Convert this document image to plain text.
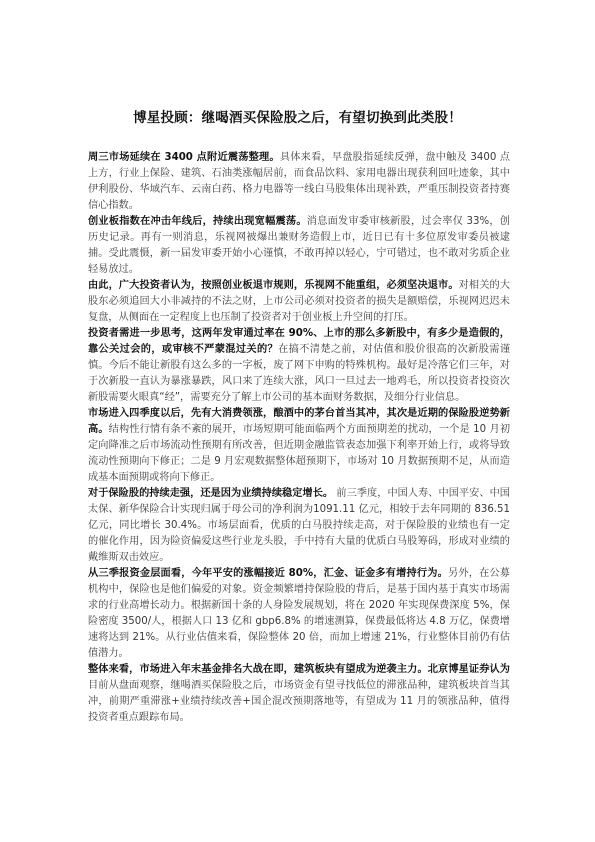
博星投顾：继喝酒买保险股之后，有望切换到此类股！

周三市场延续在 3400 点附近震荡整理。具体来看，早盘股指延续反弹，盘中触及 3400 点上方，行业上保险、建筑、石油类涨幅居前，而食品饮料、家用电器出现获利回吐迹象，其中伊利股份、华域汽车、云南白药、格力电器等一线白马股集体出现补跌，严重压制投资者持赛信心指数。

创业板指数在冲击年线后，持续出现宽幅震荡。消息面发审委审核新股，过会率仅 33%，创历史记录。再有一则消息，乐视网被爆出兼财务造假上市，近日已有十多位原发审委员被逮捕。受此震慑，新一届发审委开始小心谨慎，不敢再掉以轻心，宁可错过，也不敢对劣质企业轻易放过。

由此，广大投资者认为，按照创业板退市规则，乐视网不能重组，必须坚决退市。对相关的大股东必须追回大小非减持的不法之财，上市公司必须对投资者的损失是额赔偿，乐视网迟迟未复盘，从侧面在一定程度上也压制了投资者对于创业板上升空间的打压。

投资者需进一步思考，这两年发审通过率在 90%、上市的那么多新股中，有多少是造假的，靠公关过会的，或审核不严蒙混过关的？在搞不清楚之前，对估值和股价很高的次新股需谨慎。今后不能让新股有这么多的一字板，废了网下申购的特殊机构。最好是冷落它们三年，对于次新股一直认为暴涨暴跌，风口来了连续大涨，风口一旦过去一地鸡毛，所以投资者投资次新股需要火眼真“经”，需要充分了解上市公司的基本面财务数据，及细分行业信息。

市场进入四季度以后，先有大消费领涨，酿酒中的茅台首当其冲，其次是近期的保险股逆势新高。结构性行情有条不紊的展开，市场短期可能面临两个方面预期差的扰动，一个是 10 月初定向降准之后市场流动性预期有所改善，但近期金融监管表态加强下利率开始上行，或将导致流动性预期向下修正；二是 9 月宏观数据整体超预期下，市场对 10 月数据预期不足，从而造成基本面预期或将向下修正。

对于保险股的持续走强，还是因为业绩持续稳定增长。 前三季度，中国人寿、中国平安、中国太保、新华保险合计实现归属于母公司的净利润为1091.11 亿元，相较于去年同期的 836.51 亿元，同比增长 30.4%。市场层面看，优质的白马股持续走高，对于保险股的业绩也有一定的催化作用，因为险资偏爱这些行业龙头股，手中持有大量的优质白马股筹码，形成对业绩的戴维斯双击效应。

从三季报资金层面看，今年平安的涨幅接近 80%，汇金、证金多有增持行为。另外，在公募机构中，保险也是他们偏爱的对象。资金频繁增持保险股的背后，是基于国内基于真实市场需求的行业高增长动力。根据新国十条的人身险发展规划，将在 2020 年实现保费深度 5%，保险密度 3500/人，根据人口 13 亿和 gbp6.8% 的增速测算，保费最低将达 4.8 万亿，保费增速将达到 21%。从行业估值来看，保险整体 20 倍，而加上增速 21%，行业整体目前仍有估值潜力。

整体来看，市场进入年末基金排名大战在即，建筑板块有望成为逆袭主力。北京博星证券认为目前从盘面观察，继喝酒买保险股之后，市场资金有望寻找低位的滞涨品种，建筑板块首当其冲，前期严重滞涨+业绩持续改善+国企混改预期落地等，有望成为 11 月的领涨品种，值得投资者重点跟踪布局。
